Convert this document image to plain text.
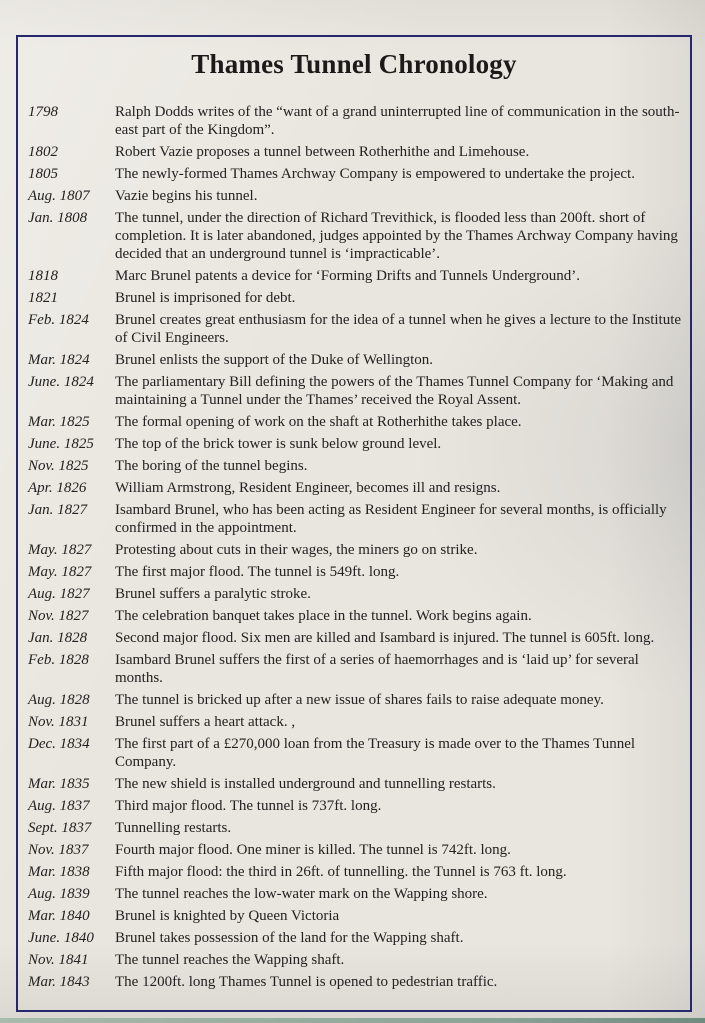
Thames Tunnel Chronology
1798	Ralph Dodds writes of the “want of a grand uninterrupted line of communication in the south-east part of the Kingdom”.
1802	Robert Vazie proposes a tunnel between Rotherhithe and Limehouse.
1805	The newly-formed Thames Archway Company is empowered to undertake the project.
Aug. 1807	Vazie begins his tunnel.
Jan. 1808	The tunnel, under the direction of Richard Trevithick, is flooded less than 200ft. short of completion. It is later abandoned, judges appointed by the Thames Archway Company having decided that an underground tunnel is ‘impracticable’.
1818	Marc Brunel patents a device for ‘Forming Drifts and Tunnels Underground’.
1821	Brunel is imprisoned for debt.
Feb. 1824	Brunel creates great enthusiasm for the idea of a tunnel when he gives a lecture to the Institute of Civil Engineers.
Mar. 1824	Brunel enlists the support of the Duke of Wellington.
June. 1824	The parliamentary Bill defining the powers of the Thames Tunnel Company for ‘Making and maintaining a Tunnel under the Thames’ received the Royal Assent.
Mar. 1825	The formal opening of work on the shaft at Rotherhithe takes place.
June. 1825	The top of the brick tower is sunk below ground level.
Nov. 1825	The boring of the tunnel begins.
Apr. 1826	William Armstrong, Resident Engineer, becomes ill and resigns.
Jan. 1827	Isambard Brunel, who has been acting as Resident Engineer for several months, is officially confirmed in the appointment.
May. 1827	Protesting about cuts in their wages, the miners go on strike.
May. 1827	The first major flood. The tunnel is 549ft. long.
Aug. 1827	Brunel suffers a paralytic stroke.
Nov. 1827	The celebration banquet takes place in the tunnel. Work begins again.
Jan. 1828	Second major flood. Six men are killed and Isambard is injured. The tunnel is 605ft. long.
Feb. 1828	Isambard Brunel suffers the first of a series of haemorrhages and is ‘laid up’ for several months.
Aug. 1828	The tunnel is bricked up after a new issue of shares fails to raise adequate money.
Nov. 1831	Brunel suffers a heart attack. ,
Dec. 1834	The first part of a £270,000 loan from the Treasury is made over to the Thames Tunnel Company.
Mar. 1835	The new shield is installed underground and tunnelling restarts.
Aug. 1837	Third major flood. The tunnel is 737ft. long.
Sept. 1837	Tunnelling restarts.
Nov. 1837	Fourth major flood. One miner is killed. The tunnel is 742ft. long.
Mar. 1838	Fifth major flood: the third in 26ft. of tunnelling. the Tunnel is 763 ft. long.
Aug. 1839	The tunnel reaches the low-water mark on the Wapping shore.
Mar. 1840	Brunel is knighted by Queen Victoria
June. 1840	Brunel takes possession of the land for the Wapping shaft.
Nov. 1841	The tunnel reaches the Wapping shaft.
Mar. 1843	The 1200ft. long Thames Tunnel is opened to pedestrian traffic.
